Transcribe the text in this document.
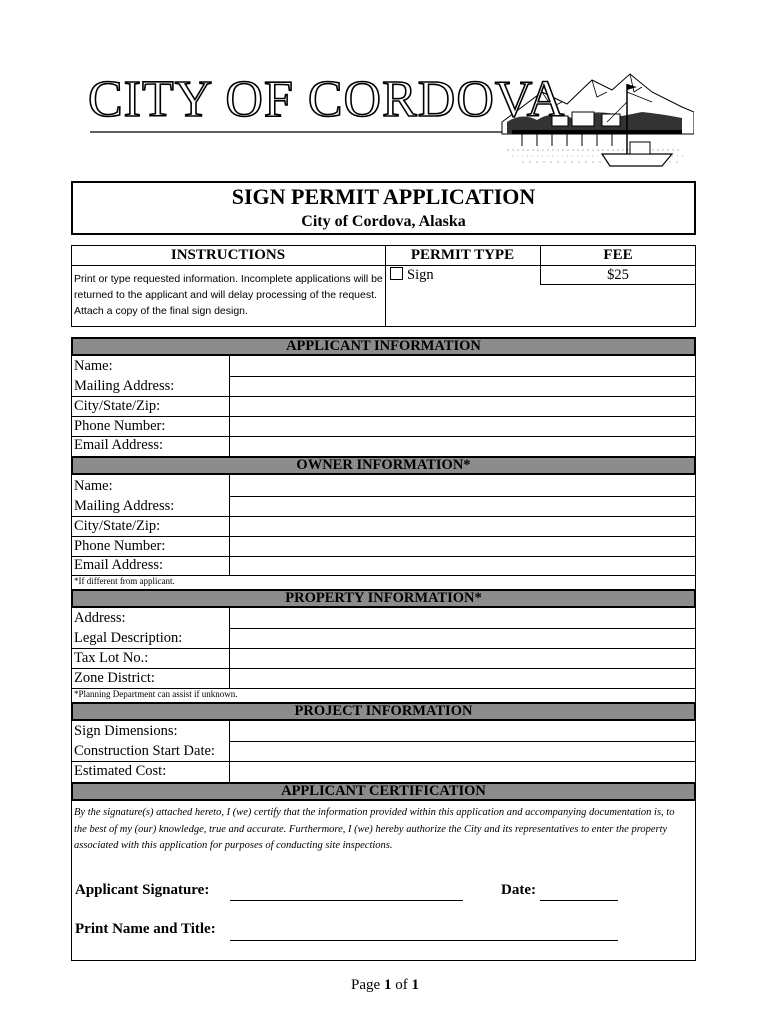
CITY OF CORDOVA
SIGN PERMIT APPLICATION
City of Cordova, Alaska
INSTRUCTIONS	PERMIT TYPE	FEE
Print or type requested information. Incomplete applications will be returned to the applicant and will delay processing of the request. Attach a copy of the final sign design.
Sign	$25
APPLICANT INFORMATION
Name:
Mailing Address:
City/State/Zip:
Phone Number:
Email Address:
OWNER INFORMATION*
Name:
Mailing Address:
City/State/Zip:
Phone Number:
Email Address:
*If different from applicant.
PROPERTY INFORMATION*
Address:
Legal Description:
Tax Lot No.:
Zone District:
*Planning Department can assist if unknown.
PROJECT INFORMATION
Sign Dimensions:
Construction Start Date:
Estimated Cost:
APPLICANT CERTIFICATION
By the signature(s) attached hereto, I (we) certify that the information provided within this application and accompanying documentation is, to the best of my (our) knowledge, true and accurate. Furthermore, I (we) hereby authorize the City and its representatives to enter the property associated with this application for purposes of conducting site inspections.
Applicant Signature:	Date:
Print Name and Title:
Page 1 of 1
